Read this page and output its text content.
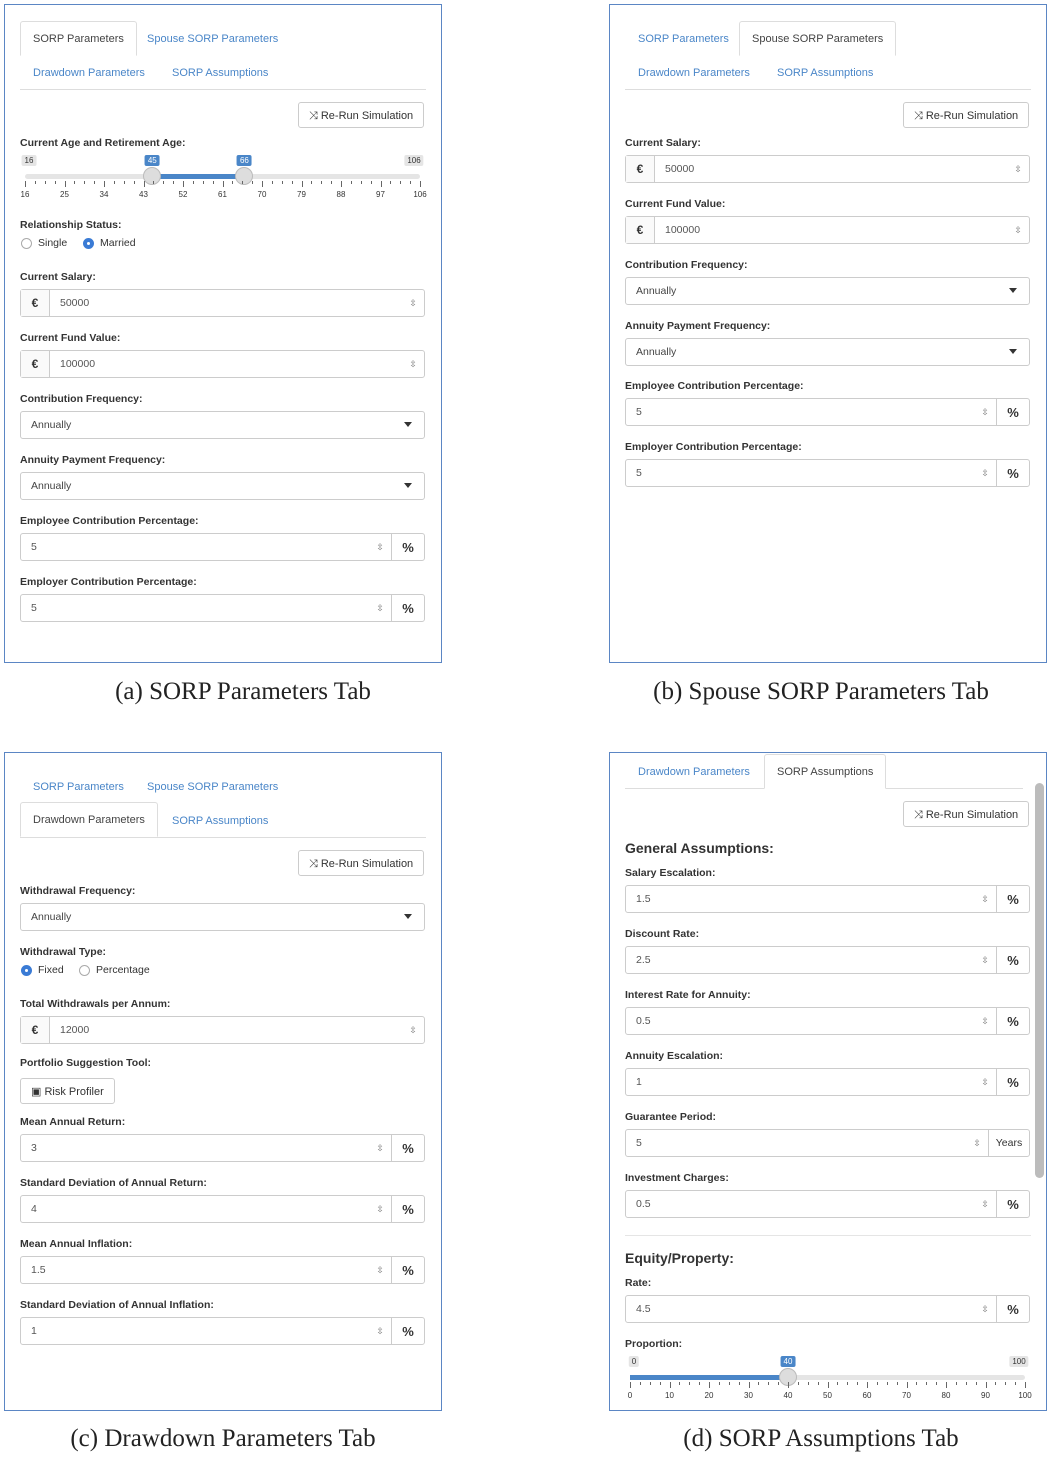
SORP Parameters	Spouse SORP Parameters
Drawdown Parameters	SORP Assumptions
⤨ Re-Run Simulation
Current Age and Retirement Age:
16	106
45	66
16	25	34	43	52	61	70	79	88	97	106
Relationship Status:
Single	Married
Current Salary:
€	50000	⇳
Current Fund Value:
€	100000	⇳
Contribution Frequency:
Annually
Annuity Payment Frequency:
Annually
Employee Contribution Percentage:
5	⇳	%
Employer Contribution Percentage:
5	⇳	%
(a) SORP Parameters Tab
SORP Parameters	Spouse SORP Parameters
Drawdown Parameters	SORP Assumptions
⤨ Re-Run Simulation
Current Salary:
€	50000	⇳
Current Fund Value:
€	100000	⇳
Contribution Frequency:
Annually
Annuity Payment Frequency:
Annually
Employee Contribution Percentage:
5	⇳	%
Employer Contribution Percentage:
5	⇳	%
(b) Spouse SORP Parameters Tab
SORP Parameters	Spouse SORP Parameters
Drawdown Parameters	SORP Assumptions
⤨ Re-Run Simulation
Withdrawal Frequency:
Annually
Withdrawal Type:
Fixed	Percentage
Total Withdrawals per Annum:
€	12000	⇳
Portfolio Suggestion Tool:
▣ Risk Profiler
Mean Annual Return:
3	⇳	%
Standard Deviation of Annual Return:
4	⇳	%
Mean Annual Inflation:
1.5	⇳	%
Standard Deviation of Annual Inflation:
1	⇳	%
(c) Drawdown Parameters Tab
Drawdown Parameters	SORP Assumptions
⤨ Re-Run Simulation
General Assumptions:
Salary Escalation:
1.5	⇳	%
Discount Rate:
2.5	⇳	%
Interest Rate for Annuity:
0.5	⇳	%
Annuity Escalation:
1	⇳	%
Guarantee Period:
5	⇳	Years
Investment Charges:
0.5	⇳	%
Equity/Property:
Rate:
4.5	⇳	%
Proportion:
0	100
40
0	10	20	30	40	50	60	70	80	90	100
(d) SORP Assumptions Tab
